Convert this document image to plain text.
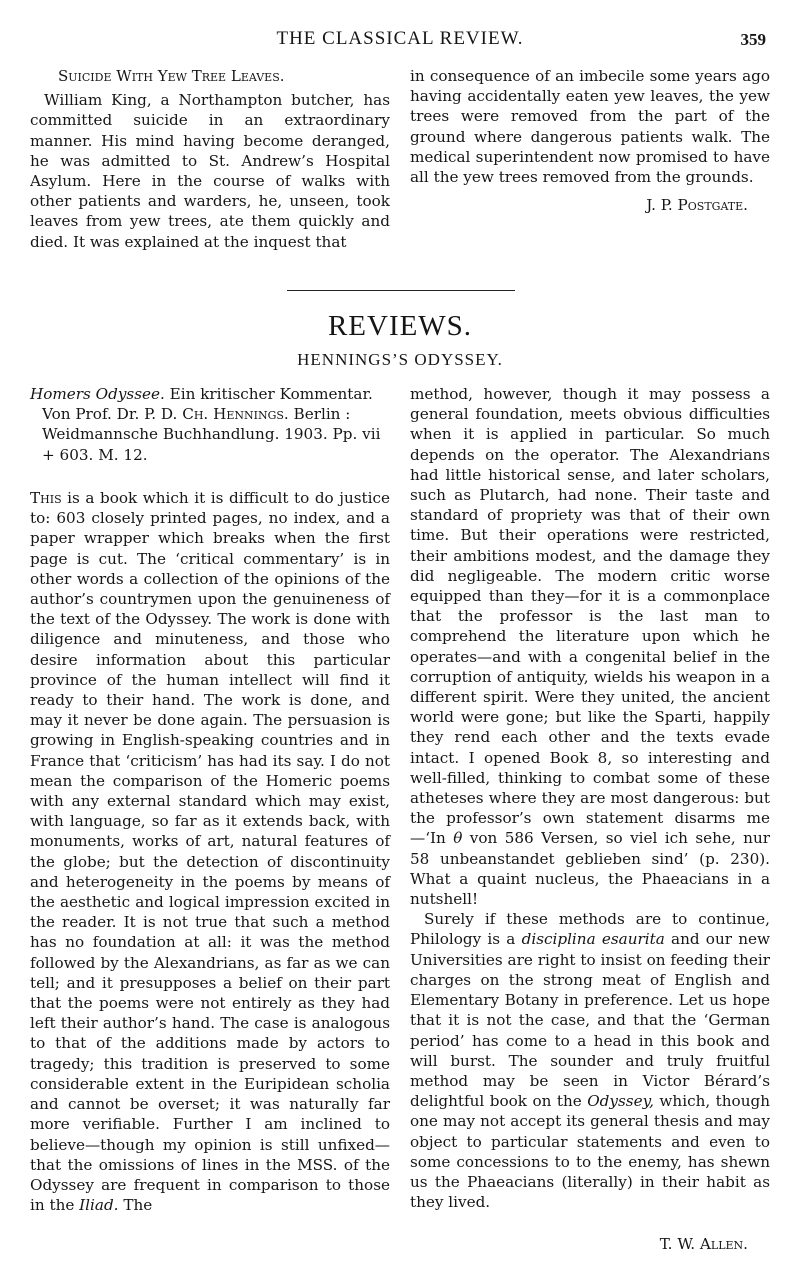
THE CLASSICAL REVIEW.	359

Suicide With Yew Tree Leaves.

William King, a Northampton butcher, has committed suicide in an extraordinary manner. His mind having become deranged, he was admitted to St. Andrew’s Hospital Asylum. Here in the course of walks with other patients and warders, he, unseen, took leaves from yew trees, ate them quickly and died. It was explained at the inquest that

in consequence of an imbecile some years ago having accidentally eaten yew leaves, the yew trees were removed from the part of the ground where dangerous patients walk. The medical superintendent now promised to have all the yew trees removed from the grounds.

J. P. Postgate.

REVIEWS.
HENNINGS’S ODYSSEY.

Homers Odyssee. Ein kritischer Kommentar. Von Prof. Dr. P. D. Ch. Hennings. Berlin : Weidmannsche Buchhandlung. 1903. Pp. vii + 603. M. 12.

This is a book which it is difficult to do justice to: 603 closely printed pages, no index, and a paper wrapper which breaks when the first page is cut. The ‘critical commentary’ is in other words a collection of the opinions of the author’s countrymen upon the genuineness of the text of the Odyssey. The work is done with diligence and minuteness, and those who desire information about this particular province of the human intellect will find it ready to their hand. The work is done, and may it never be done again. The persuasion is growing in English-speaking countries and in France that ‘criticism’ has had its say. I do not mean the comparison of the Homeric poems with any external standard which may exist, with language, so far as it extends back, with monuments, works of art, natural features of the globe; but the detection of discontinuity and heterogeneity in the poems by means of the aesthetic and logical impression excited in the reader. It is not true that such a method has no foundation at all: it was the method followed by the Alexandrians, as far as we can tell; and it presupposes a belief on their part that the poems were not entirely as they had left their author’s hand. The case is analogous to that of the additions made by actors to tragedy; this tradition is preserved to some considerable extent in the Euripidean scholia and cannot be overset; it was naturally far more verifiable. Further I am inclined to believe—though my opinion is still unfixed—that the omissions of lines in the MSS. of the Odyssey are frequent in comparison to those in the Iliad. The

method, however, though it may possess a general foundation, meets obvious difficulties when it is applied in particular. So much depends on the operator. The Alexandrians had little historical sense, and later scholars, such as Plutarch, had none. Their taste and standard of propriety was that of their own time. But their operations were restricted, their ambitions modest, and the damage they did negligeable. The modern critic worse equipped than they—for it is a commonplace that the professor is the last man to comprehend the literature upon which he operates—and with a congenital belief in the corruption of antiquity, wields his weapon in a different spirit. Were they united, the ancient world were gone; but like the Sparti, happily they rend each other and the texts evade intact. I opened Book 8, so interesting and well-filled, thinking to combat some of these atheteses where they are most dangerous: but the professor’s own statement disarms me—‘In θ von 586 Versen, so viel ich sehe, nur 58 unbeanstandet geblieben sind’ (p. 230). What a quaint nucleus, the Phaeacians in a nutshell!

Surely if these methods are to continue, Philology is a disciplina esaurita and our new Universities are right to insist on feeding their charges on the strong meat of English and Elementary Botany in preference. Let us hope that it is not the case, and that the ‘German period’ has come to a head in this book and will burst. The sounder and truly fruitful method may be seen in Victor Bérard’s delightful book on the Odyssey, which, though one may not accept its general thesis and may object to particular statements and even to some concessions to to the enemy, has shewn us the Phaeacians (literally) in their habit as they lived.

T. W. Allen.
